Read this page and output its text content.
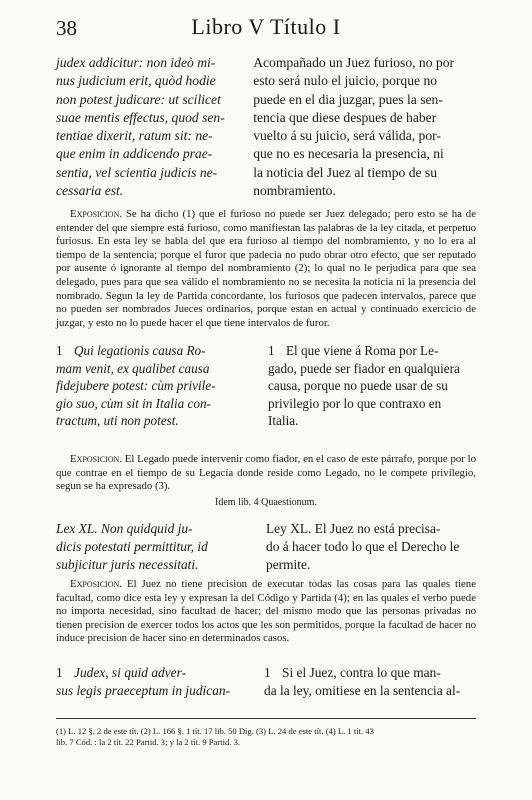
38	Libro V Título I
judex addicitur: non ideò mi-
nus judicium erit, quòd hodie
non potest judicare: ut scilicet
suae mentis effectus, quod sen-
tentiae dixerit, ratum sit: ne-
que enim in addicendo prae-
sentia, vel scientia judicis ne-
cessaria est.
Acompañado un Juez furioso, no por
esto será nulo el juicio, porque no
puede en el dia juzgar, pues la sen-
tencia que diese despues de haber
vuelto á su juicio, será válida, por-
que no es necesaria la presencia, ni
la noticia del Juez al tiempo de su
nombramiento.

Exposicion. Se ha dicho (1) que el furioso no puede ser Juez delegado; pero esto se ha de entender del que siempre está furioso, como manifiestan las palabras de la ley citada, et perpetuo furiosus. En esta ley se habla del que era furioso al tiempo del nombramiento, y no lo era al tiempo de la sentencia; porque el furor que padecia no pudo obrar otro efecto, que ser reputado por ausente ó ignorante al tiempo del nombramiento (2); lo qual no le perjudica para que sea delegado, pues para que sea válido el nombramiento no se necesita la noticia ni la presencia del nombrado. Segun la ley de Partida concordante, los furiosos que padecen intervalos, parece que no pueden ser nombrados Jueces ordinarios, porque estan en actual y continuado exercicio de juzgar, y esto no lo puede hacer el que tiene intervalos de furor.

1 Qui legationis causa Ro-
mam venit, ex qualibet causa
fidejubere potest: cùm privile-
gio suo, cùm sit in Italia con-
tractum, uti non potest.
1 El que viene á Roma por Le-
gado, puede ser fiador en qualquiera
causa, porque no puede usar de su
privilegio por lo que contraxo en
Italia.

Exposicion. El Legado puede intervenir como fiador, en el caso de este párrafo, porque por lo que contrae en el tiempo de su Legacía donde reside como Legado, no le compete privilegio, segun se ha expresado (3).

Idem lib. 4 Quaestionum.
Lex XL. Non quidquid ju-
dicis potestati permittitur, id
subjicitur juris necessitati.
Ley XL. El Juez no está precisa-
do á hacer todo lo que el Derecho le
permite.

Exposicion. El Juez no tiene precision de executar todas las cosas para las quales tiene facultad, como dice esta ley y expresan la del Código y Partida (4); en las quales el verbo puede no importa necesidad, sino facultad de hacer; del mismo modo que las personas privadas no tienen precision de exercer todos los actos que les son permitidos, porque la facultad de hacer no induce precision de hacer sino en determinados casos.

1 Judex, si quid adver-
sus legis praeceptum in judican-
1 Si el Juez, contra lo que man-
da la ley, omitiese en la sentencia al-
(1) L. 12 §. 2 de este tít. (2) L. 166 §. 1 tít. 17 lib. 50 Dig. (3) L. 24 de este tít. (4) L. 1 tít. 43
lib. 7 Cód. : la 2 tít. 22 Partid. 3; y la 2 tít. 9 Partid. 3.
